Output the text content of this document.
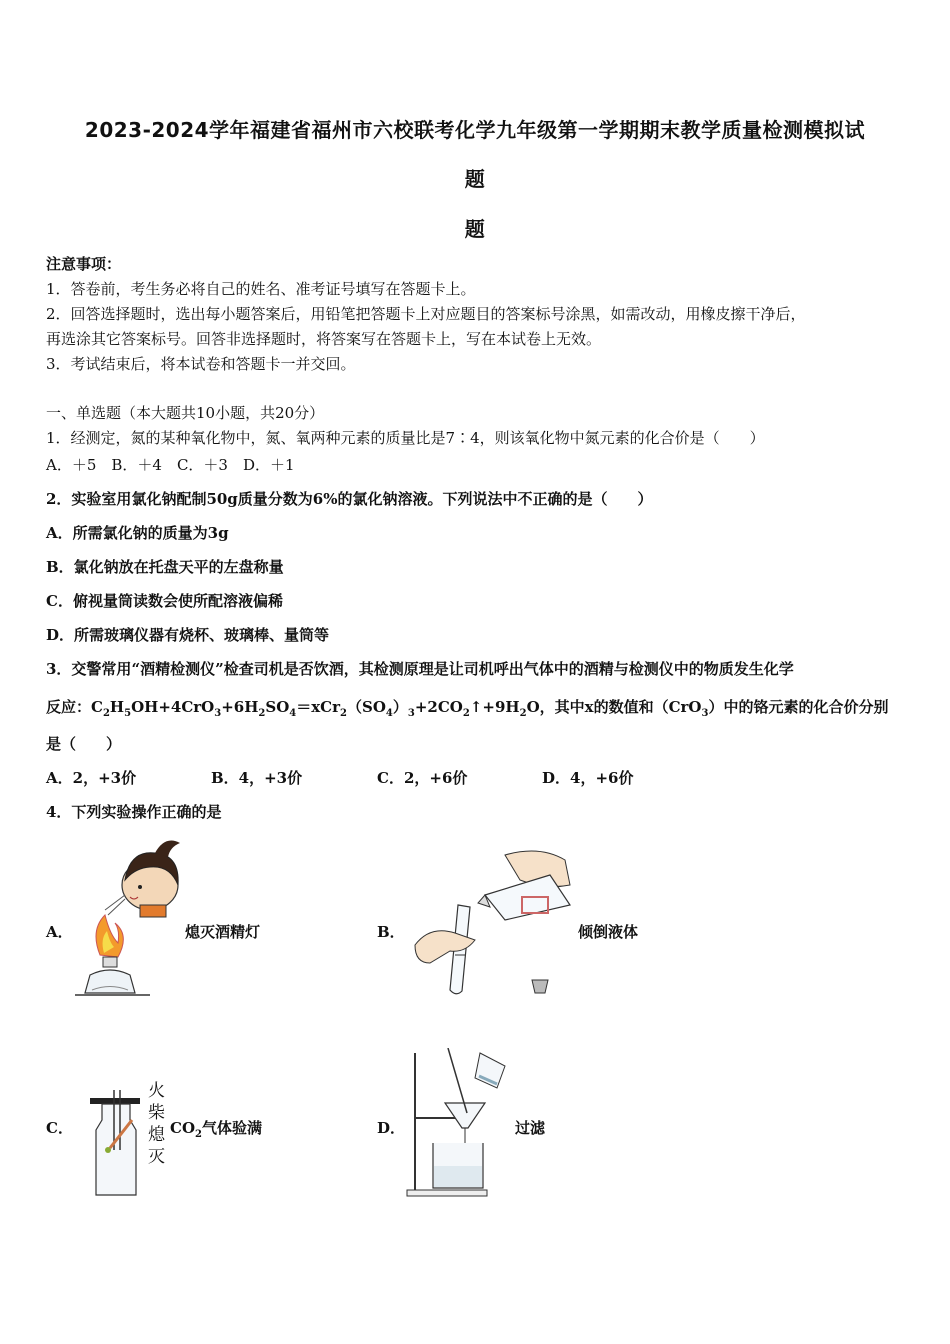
2023-2024学年福建省福州市六校联考化学九年级第一学期期末教学质量检测模拟试
题
题
注意事项：
1．答卷前，考生务必将自己的姓名、准考证号填写在答题卡上。
2．回答选择题时，选出每小题答案后，用铅笔把答题卡上对应题目的答案标号涂黑，如需改动，用橡皮擦干净后，
再选涂其它答案标号。回答非选择题时，将答案写在答题卡上，写在本试卷上无效。
3．考试结束后，将本试卷和答题卡一并交回。
一、单选题（本大题共10小题，共20分）
1．经测定，氮的某种氧化物中，氮、氧两种元素的质量比是7∶4，则该氧化物中氮元素的化合价是（　　）
A．＋5　B．＋4　C．＋3　D．＋1
2．实验室用氯化钠配制50g质量分数为6%的氯化钠溶液。下列说法中不正确的是（　　）
A．所需氯化钠的质量为3g
B．氯化钠放在托盘天平的左盘称量
C．俯视量筒读数会使所配溶液偏稀
D．所需玻璃仪器有烧杯、玻璃棒、量筒等
3．交警常用“酒精检测仪”检查司机是否饮酒，其检测原理是让司机呼出气体中的酒精与检测仪中的物质发生化学
反应：$C_2H_5OH+4CrO_3+6H_2SO_4=xCr_2(SO_4)_3+2CO_2↑+9H_2O$，其中x的数值和（CrO$_3$）中的铬元素的化合价分别
是（　　）
A．2，+3价	B．4，+3价	C．2，+6价	D．4，+6价
4．下列实验操作正确的是
A．	熄灭酒精灯	B．	倾倒液体
C．
火
柴
熄
灭
$CO_2$气体验满	D．	过滤
